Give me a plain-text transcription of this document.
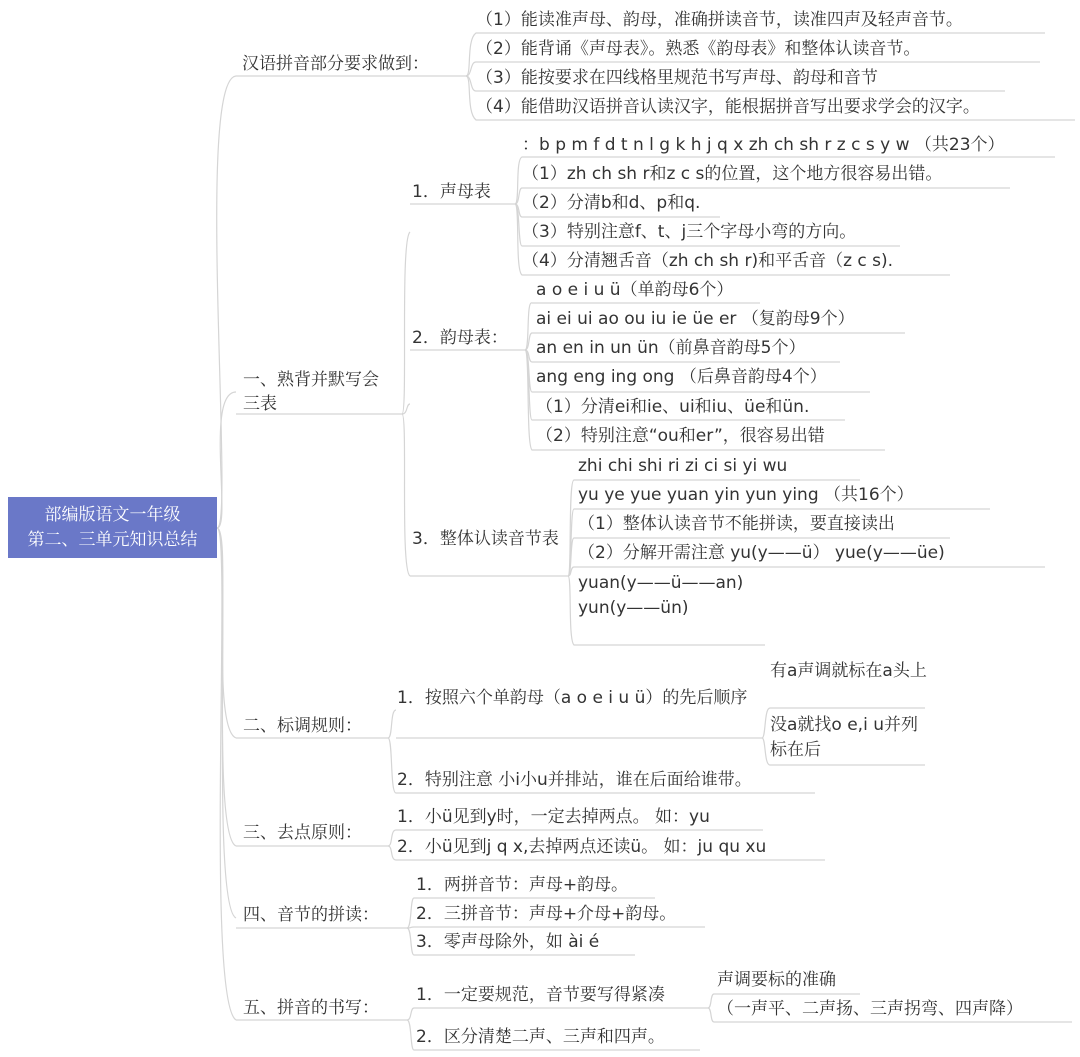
部编版语文一年级
第二、三单元知识总结
汉语拼音部分要求做到：
（1）能读准声母、韵母，准确拼读音节，读准四声及轻声音节。
（2）能背诵《声母表》。熟悉《韵母表》和整体认读音节。
（3）能按要求在四线格里规范书写声母、韵母和音节
（4）能借助汉语拼音认读汉字，能根据拼音写出要求学会的汉字。
一、熟背并默写会三表
1．声母表
：b p m f d t n l g k h j q x zh ch sh r z c s y w （共23个）
（1）zh ch sh r和z c s的位置，这个地方很容易出错。
（2）分清b和d、p和q.
（3）特别注意f、t、j三个字母小弯的方向。
（4）分清翘舌音（zh ch sh r)和平舌音（z c s).
2．韵母表：
a o e i u ü（单韵母6个）
ai ei ui ao ou iu ie üe er （复韵母9个）
an en in un ün（前鼻音韵母5个）
ang eng ing ong （后鼻音韵母4个）
（1）分清ei和ie、ui和iu、üe和ün.
（2）特别注意“ou和er”，很容易出错
3．整体认读音节表
zhi chi shi ri zi ci si yi wu
yu ye yue yuan yin yun ying （共16个）
（1）整体认读音节不能拼读，要直接读出
（2）分解开需注意 yu(y——ü） yue(y——üe)
yuan(y——ü——an) yun(y——ün)
二、标调规则：
1．按照六个单韵母（a o e i u ü）的先后顺序
有a声调就标在a头上
没a就找o e,i u并列标在后
2．特别注意 小i小u并排站，谁在后面给谁带。
三、去点原则：
1．小ü见到y时，一定去掉两点。 如：yu
2．小ü见到j q x,去掉两点还读ü。 如：ju qu xu
四、音节的拼读：
1．两拼音节：声母+韵母。
2．三拼音节：声母+介母+韵母。
3．零声母除外，如 ài é
五、拼音的书写：
1．一定要规范，音节要写得紧凑
声调要标的准确
（一声平、二声扬、三声拐弯、四声降）
2．区分清楚二声、三声和四声。
